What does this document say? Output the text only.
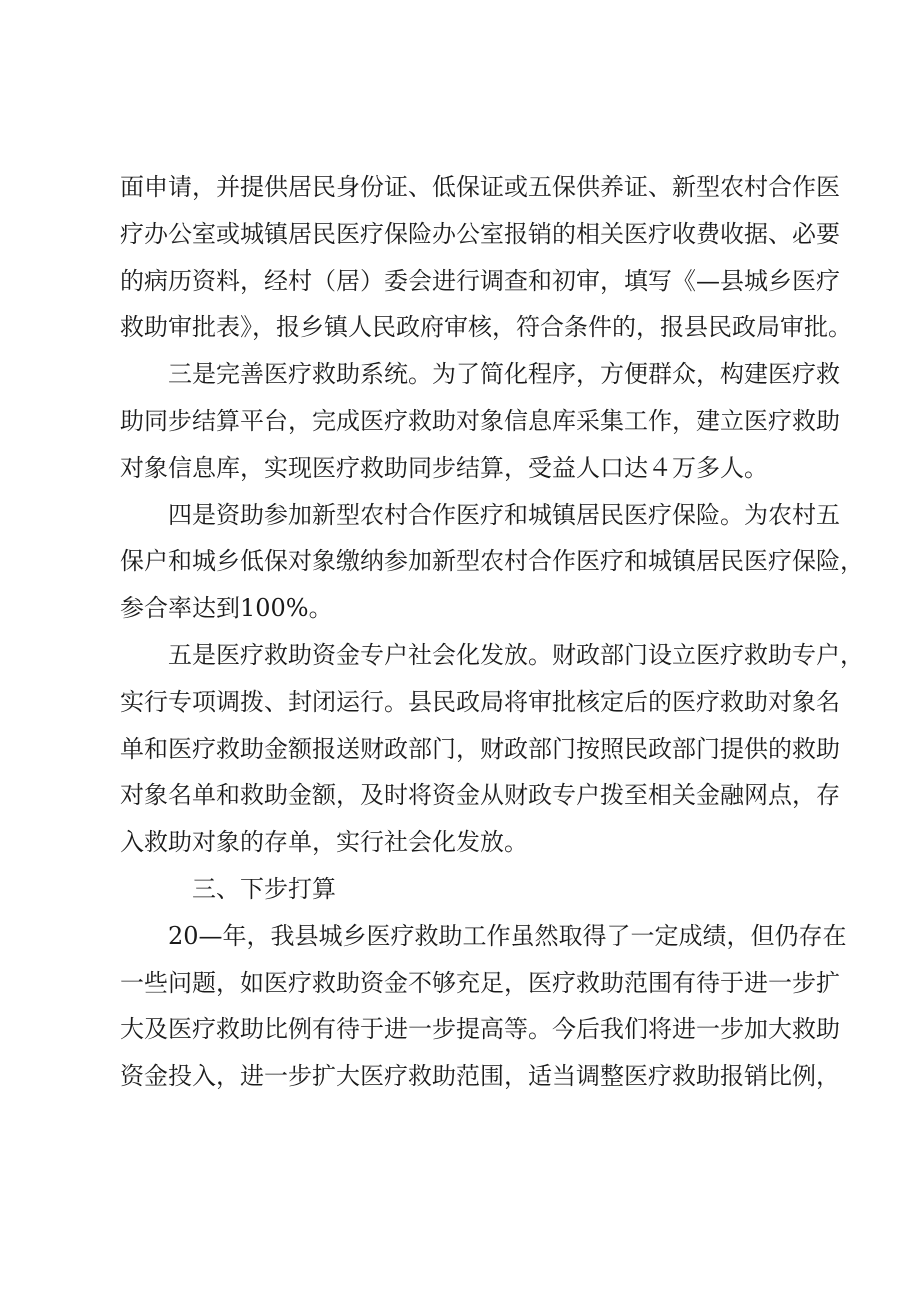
面申请，并提供居民身份证、低保证或五保供养证、新型农村合作医
疗办公室或城镇居民医疗保险办公室报销的相关医疗收费收据、必要
的病历资料，经村（居）委会进行调查和初审，填写《—县城乡医疗
救助审批表》，报乡镇人民政府审核，符合条件的，报县民政局审批。
三是完善医疗救助系统。为了简化程序，方便群众，构建医疗救
助同步结算平台，完成医疗救助对象信息库采集工作，建立医疗救助
对象信息库，实现医疗救助同步结算，受益人口达４万多人。
四是资助参加新型农村合作医疗和城镇居民医疗保险。为农村五
保户和城乡低保对象缴纳参加新型农村合作医疗和城镇居民医疗保险，
参合率达到100%。
五是医疗救助资金专户社会化发放。财政部门设立医疗救助专户，
实行专项调拨、封闭运行。县民政局将审批核定后的医疗救助对象名
单和医疗救助金额报送财政部门，财政部门按照民政部门提供的救助
对象名单和救助金额，及时将资金从财政专户拨至相关金融网点，存
入救助对象的存单，实行社会化发放。
三、下步打算
20—年，我县城乡医疗救助工作虽然取得了一定成绩，但仍存在
一些问题，如医疗救助资金不够充足，医疗救助范围有待于进一步扩
大及医疗救助比例有待于进一步提高等。今后我们将进一步加大救助
资金投入，进一步扩大医疗救助范围，适当调整医疗救助报销比例，
